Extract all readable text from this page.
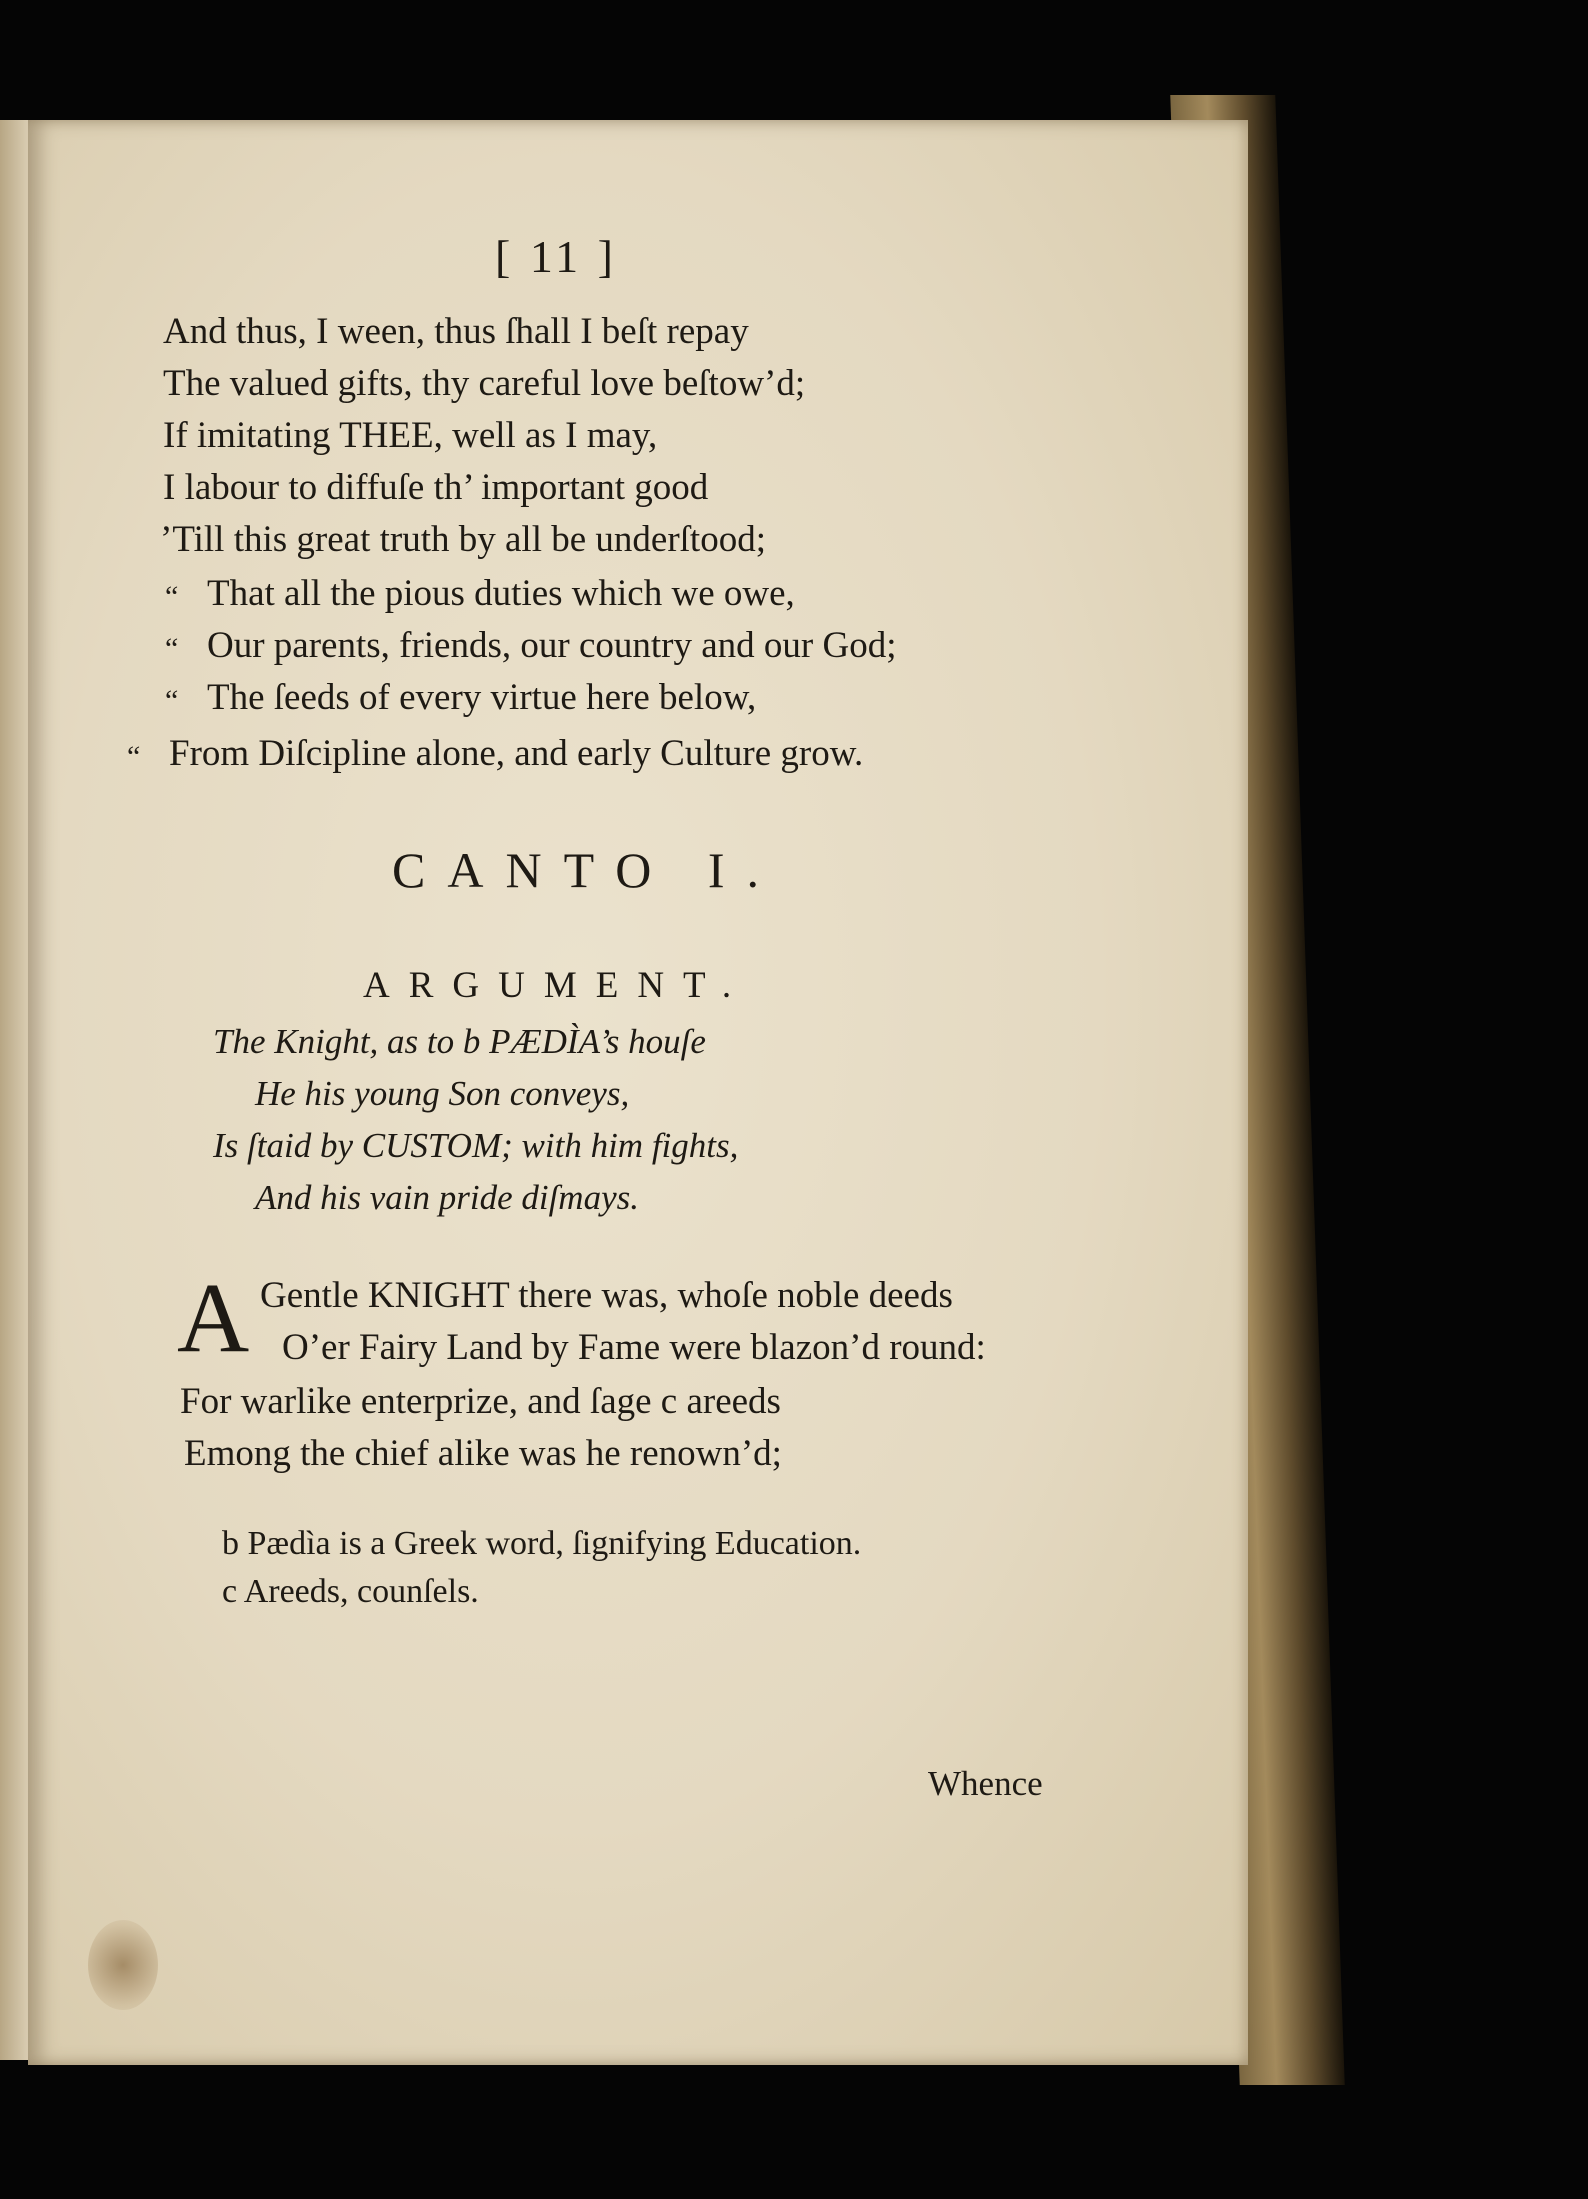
[ 11 ]
And thus, I ween, thus ſhall I beſt repay
The valued gifts, thy careful love beſtow’d;
If imitating THEE, well as I may,
I labour to diffuſe th’ important good
’Till this great truth by all be underſtood;
“ That all the pious duties which we owe,
“ Our parents, friends, our country and our God;
“ The ſeeds of every virtue here below,
“ From Diſcipline alone, and early Culture grow.
CANTO I.
ARGUMENT.
The Knight, as to b PÆDÌA’s houſe
He his young Son conveys,
Is ſtaid by CUSTOM; with him fights,
And his vain pride diſmays.
A Gentle KNIGHT there was, whoſe noble deeds
O’er Fairy Land by Fame were blazon’d round:
For warlike enterprize, and ſage c areeds
Emong the chief alike was he renown’d;
b Pædìa is a Greek word, ſignifying Education.
c Areeds, counſels.
Whence
